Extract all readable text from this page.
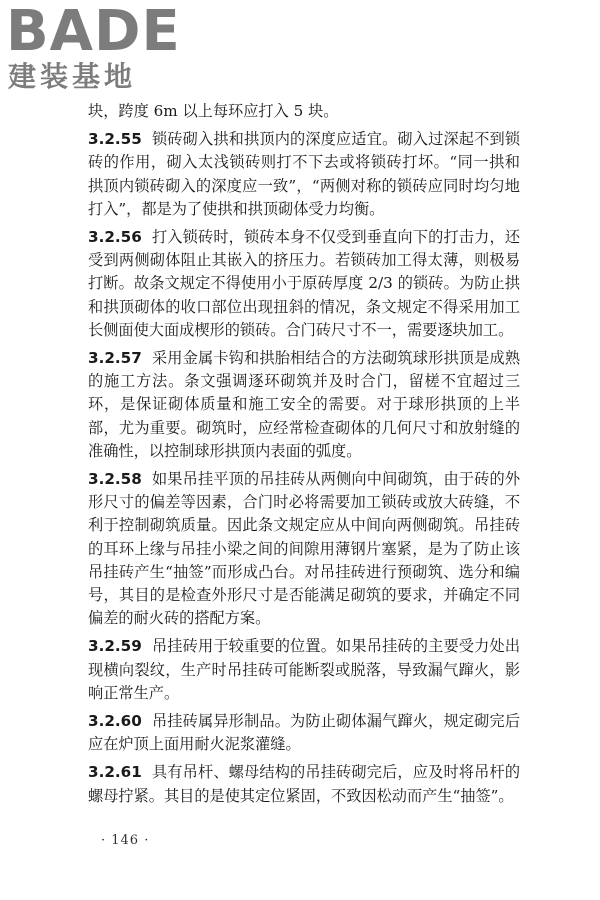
BADE
建装基地

块，跨度 6m 以上每环应打入 5 块。

3.2.55 锁砖砌入拱和拱顶内的深度应适宜。砌入过深起不到锁砖的作用，砌入太浅锁砖则打不下去或将锁砖打坏。“同一拱和拱顶内锁砖砌入的深度应一致”，“两侧对称的锁砖应同时均匀地打入”，都是为了使拱和拱顶砌体受力均衡。

3.2.56 打入锁砖时，锁砖本身不仅受到垂直向下的打击力，还受到两侧砌体阻止其嵌入的挤压力。若锁砖加工得太薄，则极易打断。故条文规定不得使用小于原砖厚度 2/3 的锁砖。为防止拱和拱顶砌体的收口部位出现扭斜的情况，条文规定不得采用加工长侧面使大面成楔形的锁砖。合门砖尺寸不一，需要逐块加工。

3.2.57 采用金属卡钩和拱胎相结合的方法砌筑球形拱顶是成熟的施工方法。条文强调逐环砌筑并及时合门，留槎不宜超过三环，是保证砌体质量和施工安全的需要。对于球形拱顶的上半部，尤为重要。砌筑时，应经常检查砌体的几何尺寸和放射缝的准确性，以控制球形拱顶内表面的弧度。

3.2.58 如果吊挂平顶的吊挂砖从两侧向中间砌筑，由于砖的外形尺寸的偏差等因素，合门时必将需要加工锁砖或放大砖缝，不利于控制砌筑质量。因此条文规定应从中间向两侧砌筑。吊挂砖的耳环上缘与吊挂小梁之间的间隙用薄钢片塞紧，是为了防止该吊挂砖产生“抽签”而形成凸台。对吊挂砖进行预砌筑、选分和编号，其目的是检查外形尺寸是否能满足砌筑的要求，并确定不同偏差的耐火砖的搭配方案。

3.2.59 吊挂砖用于较重要的位置。如果吊挂砖的主要受力处出现横向裂纹，生产时吊挂砖可能断裂或脱落，导致漏气蹿火，影响正常生产。

3.2.60 吊挂砖属异形制品。为防止砌体漏气蹿火，规定砌完后应在炉顶上面用耐火泥浆灌缝。

3.2.61 具有吊杆、螺母结构的吊挂砖砌完后，应及时将吊杆的螺母拧紧。其目的是使其定位紧固，不致因松动而产生“抽签”。

· 146 ·
